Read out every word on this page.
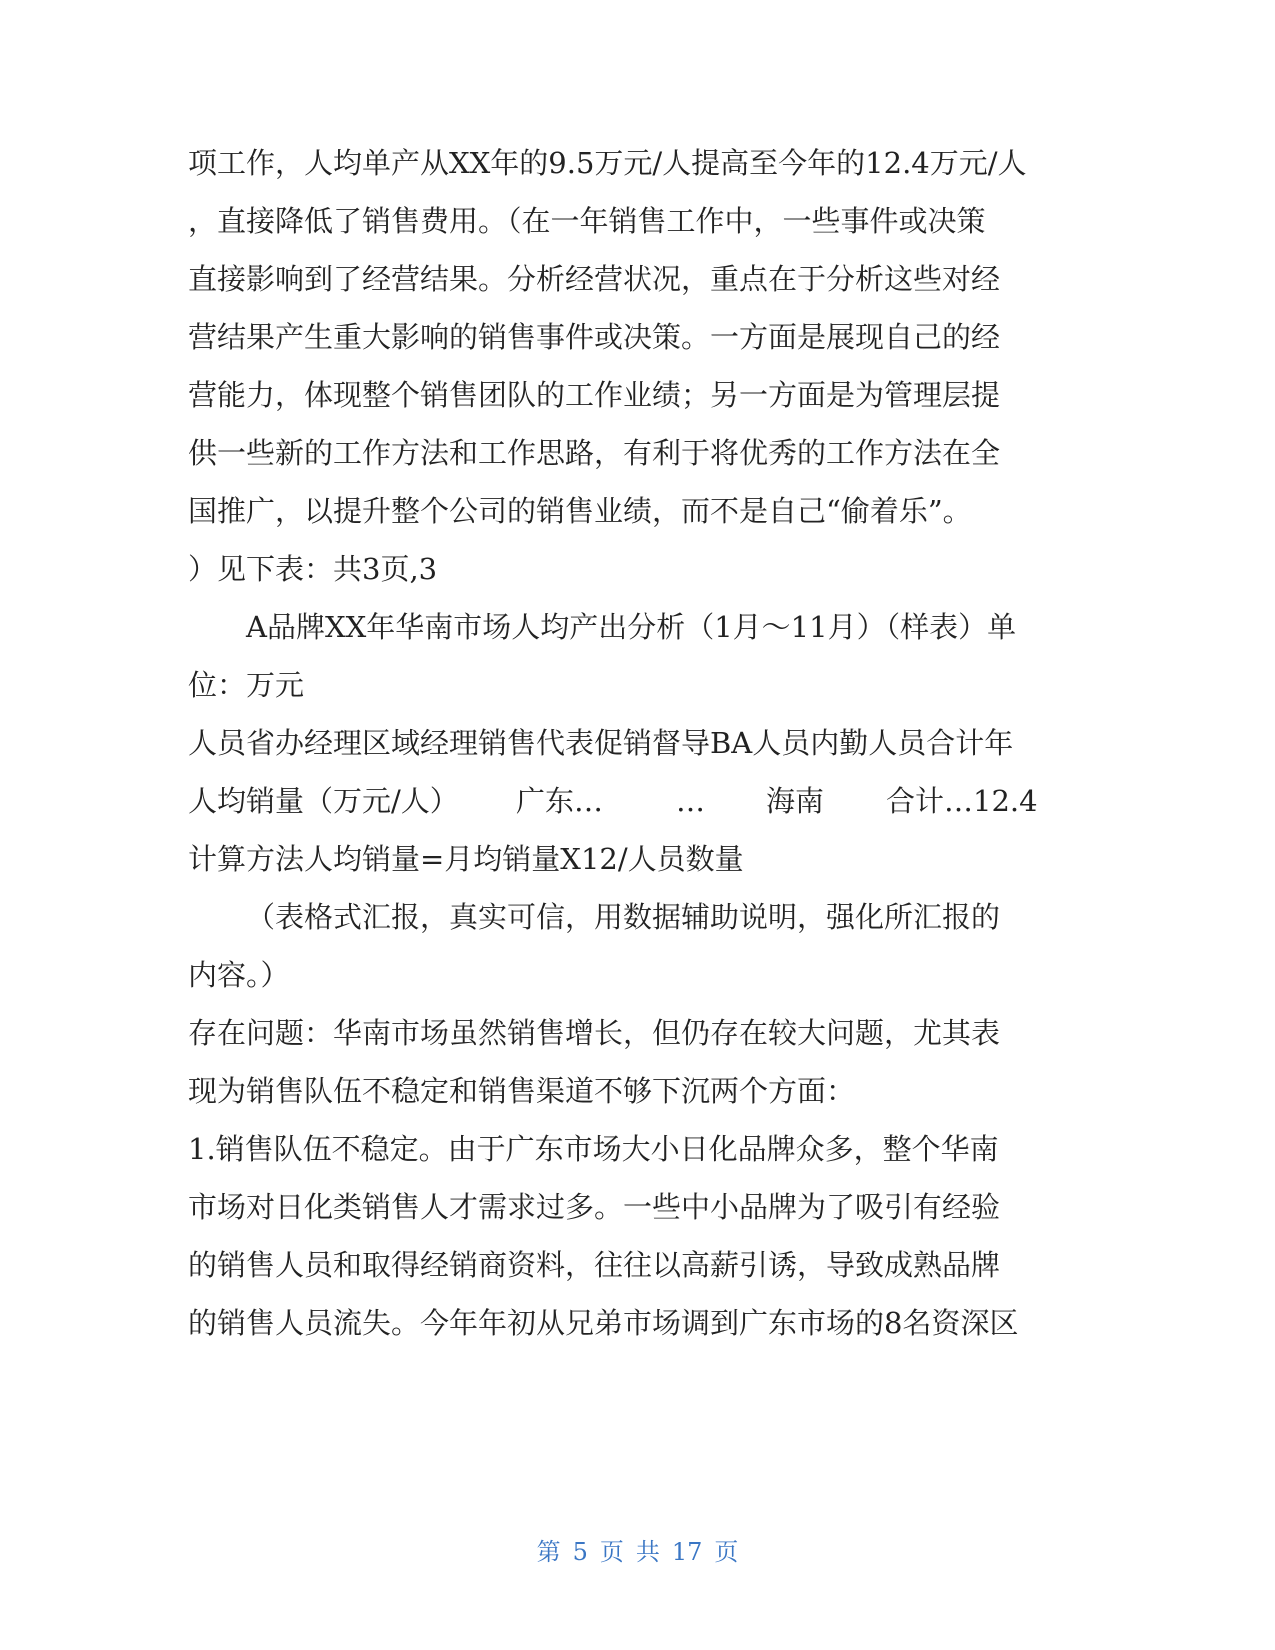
项工作，人均单产从XX年的9.5万元/人提高至今年的12.4万元/人
，直接降低了销售费用。（在一年销售工作中，一些事件或决策
直接影响到了经营结果。分析经营状况，重点在于分析这些对经
营结果产生重大影响的销售事件或决策。一方面是展现自己的经
营能力，体现整个销售团队的工作业绩；另一方面是为管理层提
供一些新的工作方法和工作思路，有利于将优秀的工作方法在全
国推广，以提升整个公司的销售业绩，而不是自己“偷着乐”。
）见下表：共3页,3
A品牌XX年华南市场人均产出分析（1月～11月）（样表）单
位：万元
人员省办经理区域经理销售代表促销督导BA人员内勤人员合计年
人均销量（万元/人） 广东…	… 海南 合计…12.4
计算方法人均销量=月均销量X12/人员数量
（表格式汇报，真实可信，用数据辅助说明，强化所汇报的
内容。）
存在问题：华南市场虽然销售增长，但仍存在较大问题，尤其表
现为销售队伍不稳定和销售渠道不够下沉两个方面：
1.销售队伍不稳定。由于广东市场大小日化品牌众多，整个华南
市场对日化类销售人才需求过多。一些中小品牌为了吸引有经验
的销售人员和取得经销商资料，往往以高薪引诱，导致成熟品牌
的销售人员流失。今年年初从兄弟市场调到广东市场的8名资深区
第 5 页 共 17 页
